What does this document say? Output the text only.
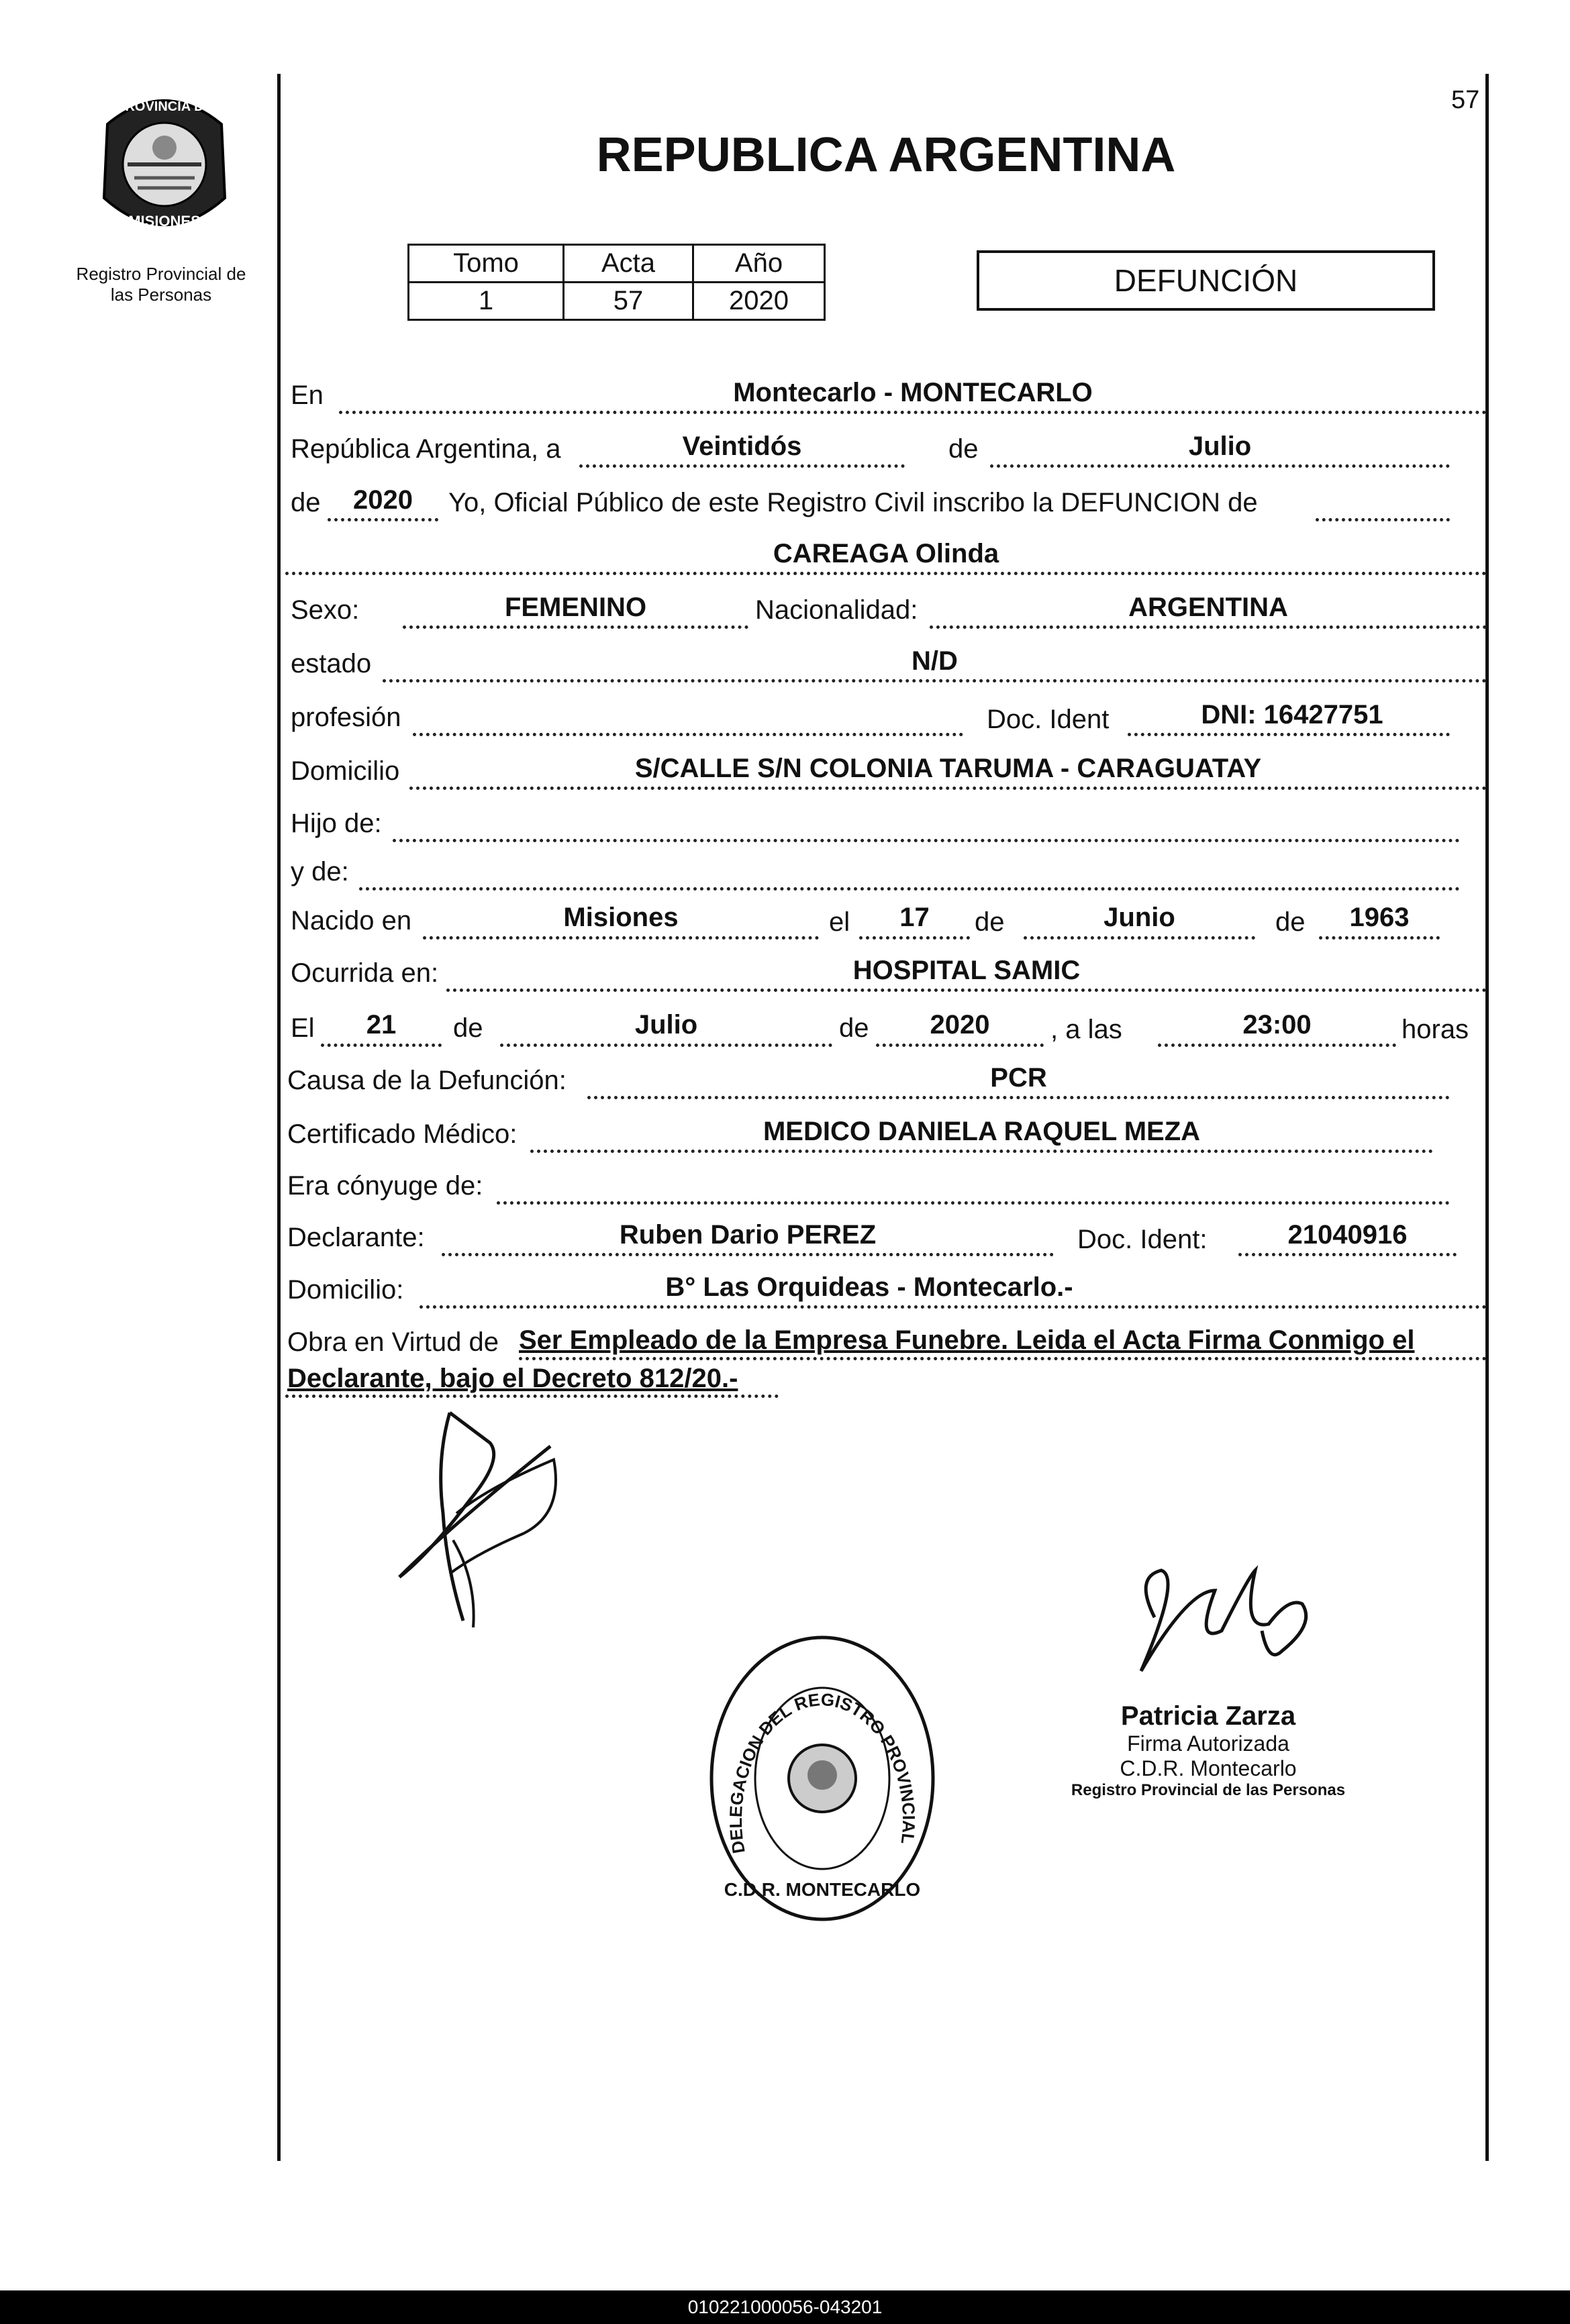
57
PROVINCIA DE
MISIONES
Registro Provincial de
las Personas
REPUBLICA ARGENTINA
Tomo	Acta	Año
1	57	2020
DEFUNCIÓN
En	Montecarlo - MONTECARLO
República Argentina, a	Veintidós	de	Julio
de	2020	Yo, Oficial Público de este Registro Civil inscribo la DEFUNCION de
CAREAGA Olinda
Sexo:	FEMENINO	Nacionalidad:	ARGENTINA
estado	N/D
profesión	Doc. Ident	DNI: 16427751
Domicilio	S/CALLE S/N COLONIA TARUMA - CARAGUATAY
Hijo de:
y de:
Nacido en	Misiones	el	17	de	Junio	de	1963
Ocurrida en:	HOSPITAL SAMIC
El	21	de	Julio	de	2020	, a las	23:00	horas
Causa de la Defunción:	PCR
Certificado Médico:	MEDICO DANIELA RAQUEL MEZA
Era cónyuge de:
Declarante:	Ruben Dario PEREZ	Doc. Ident:	21040916
Domicilio:	B° Las Orquideas - Montecarlo.-
Obra en Virtud de Ser Empleado de la Empresa Funebre. Leida el Acta Firma Conmigo el
Declarante, bajo el Decreto 812/20.-
DELEGACION DEL REGISTRO PROVINCIAL
C.D.R. MONTECARLO
Patricia Zarza
Firma Autorizada
C.D.R. Montecarlo
Registro Provincial de las Personas
010221000056-043201
